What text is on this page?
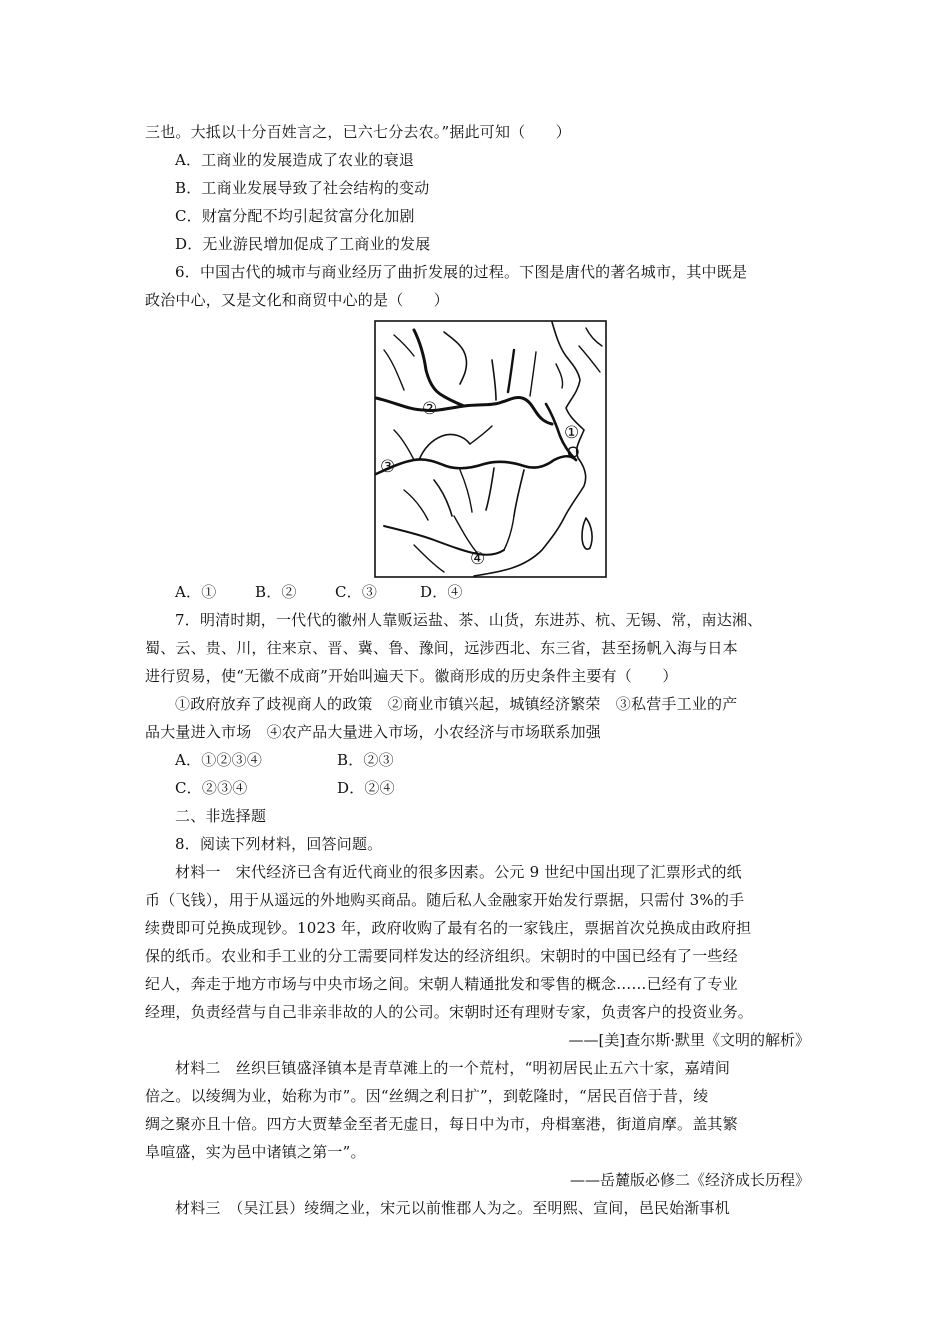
三也。大抵以十分百姓言之，已六七分去农。”据此可知（　　）
A．工商业的发展造成了农业的衰退
B．工商业发展导致了社会结构的变动
C．财富分配不均引起贫富分化加剧
D．无业游民增加促成了工商业的发展
6．中国古代的城市与商业经历了曲折发展的过程。下图是唐代的著名城市，其中既是
政治中心，又是文化和商贸中心的是（　　）
②
①
③
④
A．①	B．②	C．③	D．④
7．明清时期，一代代的徽州人靠贩运盐、茶、山货，东进苏、杭、无锡、常，南达湘、
蜀、云、贵、川，往来京、晋、冀、鲁、豫间，远涉西北、东三省，甚至扬帆入海与日本
进行贸易，使“无徽不成商”开始叫遍天下。徽商形成的历史条件主要有（　　）
①政府放弃了歧视商人的政策　②商业市镇兴起，城镇经济繁荣　③私营手工业的产
品大量进入市场　④农产品大量进入市场，小农经济与市场联系加强
A．①②③④	B．②③
C．②③④	D．②④
二、非选择题
8．阅读下列材料，回答问题。
材料一　宋代经济已含有近代商业的很多因素。公元 9 世纪中国出现了汇票形式的纸
币（飞钱），用于从遥远的外地购买商品。随后私人金融家开始发行票据，只需付 3%的手
续费即可兑换成现钞。1023 年，政府收购了最有名的一家钱庄，票据首次兑换成由政府担
保的纸币。农业和手工业的分工需要同样发达的经济组织。宋朝时的中国已经有了一些经
纪人，奔走于地方市场与中央市场之间。宋朝人精通批发和零售的概念……已经有了专业
经理，负责经营与自己非亲非故的人的公司。宋朝时还有理财专家，负责客户的投资业务。
——[美]查尔斯·默里《文明的解析》
材料二　丝织巨镇盛泽镇本是青草滩上的一个荒村，“明初居民止五六十家，嘉靖间
倍之。以绫绸为业，始称为市”。因“丝绸之利日扩”，到乾隆时，“居民百倍于昔，绫
绸之聚亦且十倍。四方大贾辇金至者无虚日，每日中为市，舟楫塞港，街道肩摩。盖其繁
阜喧盛，实为邑中诸镇之第一”。
——岳麓版必修二《经济成长历程》
材料三　（吴江县）绫绸之业，宋元以前惟郡人为之。至明熙、宣间，邑民始渐事机
